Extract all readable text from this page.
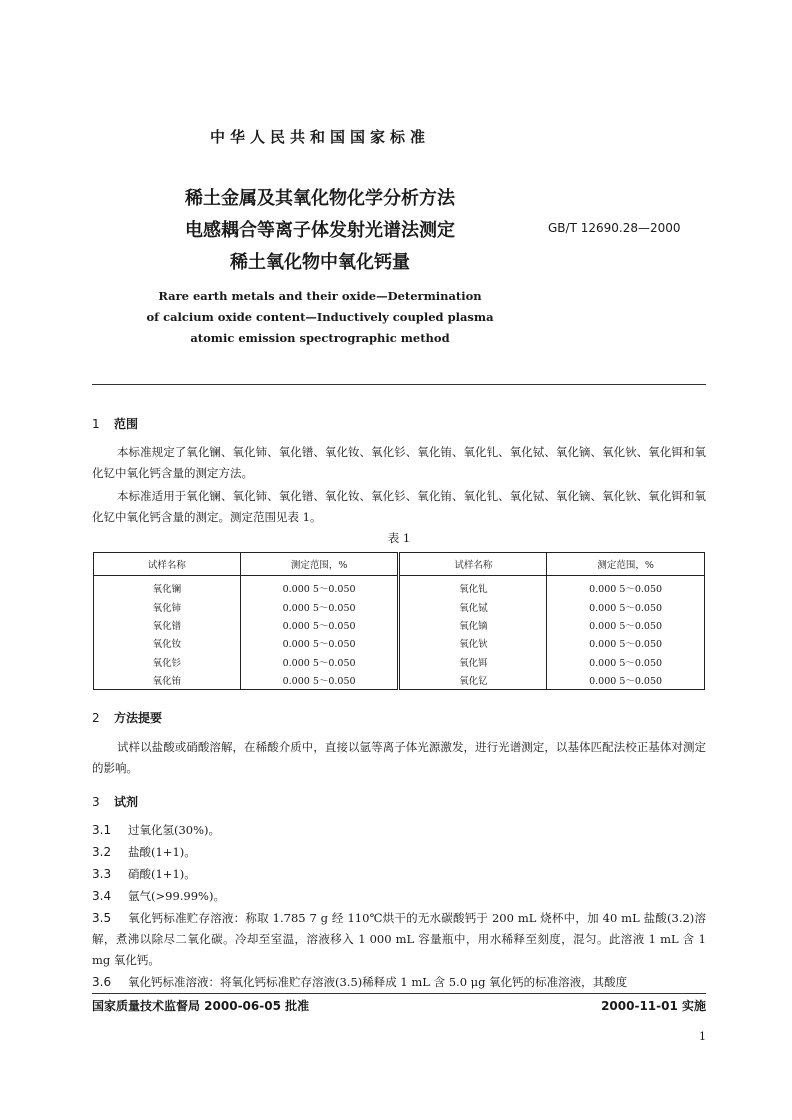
中华人民共和国国家标准
稀土金属及其氧化物化学分析方法
电感耦合等离子体发射光谱法测定
稀土氧化物中氧化钙量
GB/T 12690.28—2000
Rare earth metals and their oxide—Determination
of calcium oxide content—Inductively coupled plasma
atomic emission spectrographic method
1 范围
本标准规定了氧化镧、氧化铈、氧化镨、氧化钕、氧化钐、氧化铕、氧化钆、氧化铽、氧化镝、氧化钬、氧化铒和氧化钇中氧化钙含量的测定方法。
本标准适用于氧化镧、氧化铈、氧化镨、氧化钕、氧化钐、氧化铕、氧化钆、氧化铽、氧化镝、氧化钬、氧化铒和氧化钇中氧化钙含量的测定。测定范围见表 1。
表 1
试样名称	测定范围，%	试样名称	测定范围，%
氧化镧	0.000 5～0.050	氧化钆	0.000 5～0.050
氧化铈	0.000 5～0.050	氧化铽	0.000 5～0.050
氧化镨	0.000 5～0.050	氧化镝	0.000 5～0.050
氧化钕	0.000 5～0.050	氧化钬	0.000 5～0.050
氧化钐	0.000 5～0.050	氧化铒	0.000 5～0.050
氧化铕	0.000 5～0.050	氧化钇	0.000 5～0.050
2 方法提要
试样以盐酸或硝酸溶解，在稀酸介质中，直接以氩等离子体光源激发，进行光谱测定，以基体匹配法校正基体对测定的影响。
3 试剂
3.1 过氧化氢(30%)。
3.2 盐酸(1+1)。
3.3 硝酸(1+1)。
3.4 氩气(>99.99%)。
3.5 氧化钙标准贮存溶液：称取 1.785 7 g 经 110℃烘干的无水碳酸钙于 200 mL 烧杯中，加 40 mL 盐酸(3.2)溶解，煮沸以除尽二氧化碳。冷却至室温，溶液移入 1 000 mL 容量瓶中，用水稀释至刻度，混匀。此溶液 1 mL 含 1 mg 氧化钙。
3.6 氧化钙标准溶液：将氧化钙标准贮存溶液(3.5)稀释成 1 mL 含 5.0 μg 氧化钙的标准溶液，其酸度
国家质量技术监督局 2000-06-05 批准	2000-11-01 实施
1
